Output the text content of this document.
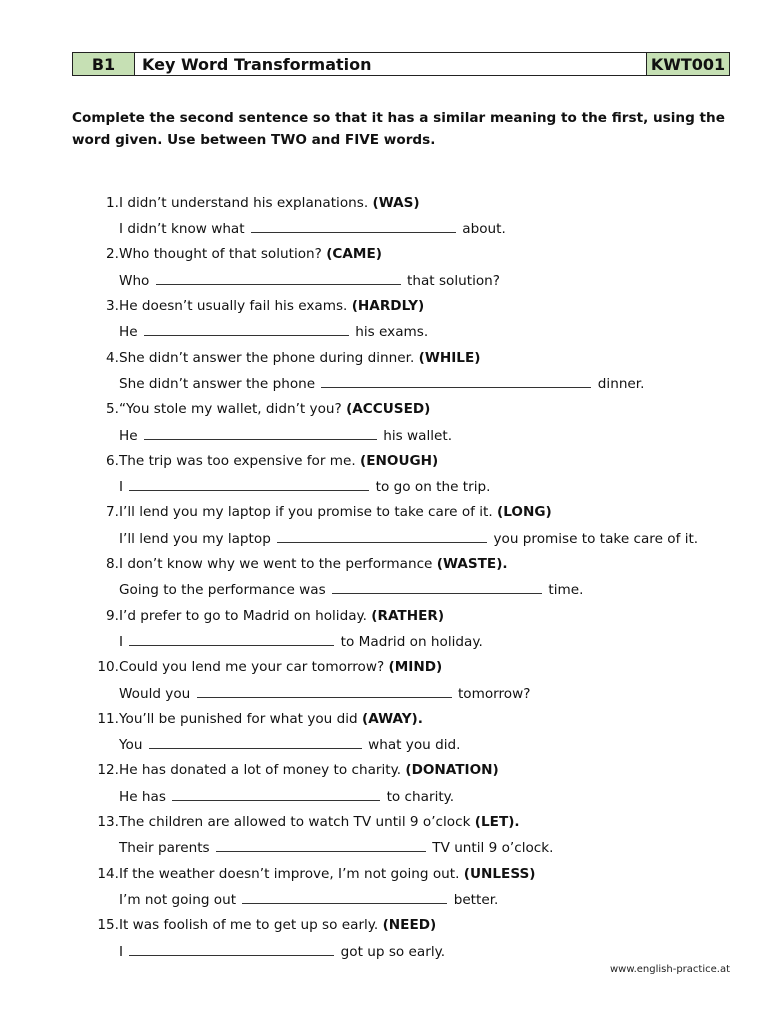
B1	Key Word Transformation	KWT001
Complete the second sentence so that it has a similar meaning to the first, using the word given. Use between TWO and FIVE words.
1. I didn’t understand his explanations. (WAS)
I didn’t know what	about.
2. Who thought of that solution? (CAME)
Who	that solution?
3. He doesn’t usually fail his exams. (HARDLY)
He	his exams.
4. She didn’t answer the phone during dinner. (WHILE)
She didn’t answer the phone	dinner.
5. “You stole my wallet, didn’t you? (ACCUSED)
He	his wallet.
6. The trip was too expensive for me. (ENOUGH)
I	to go on the trip.
7. I’ll lend you my laptop if you promise to take care of it. (LONG)
I’ll lend you my laptop	you promise to take care of it.
8. I don’t know why we went to the performance (WASTE).
Going to the performance was	time.
9. I’d prefer to go to Madrid on holiday. (RATHER)
I	to Madrid on holiday.
10. Could you lend me your car tomorrow? (MIND)
Would you	tomorrow?
11. You’ll be punished for what you did (AWAY).
You	what you did.
12. He has donated a lot of money to charity. (DONATION)
He has	to charity.
13. The children are allowed to watch TV until 9 o’clock (LET).
Their parents	TV until 9 o’clock.
14. If the weather doesn’t improve, I’m not going out. (UNLESS)
I’m not going out	better.
15. It was foolish of me to get up so early. (NEED)
I	got up so early.
www.english-practice.at
